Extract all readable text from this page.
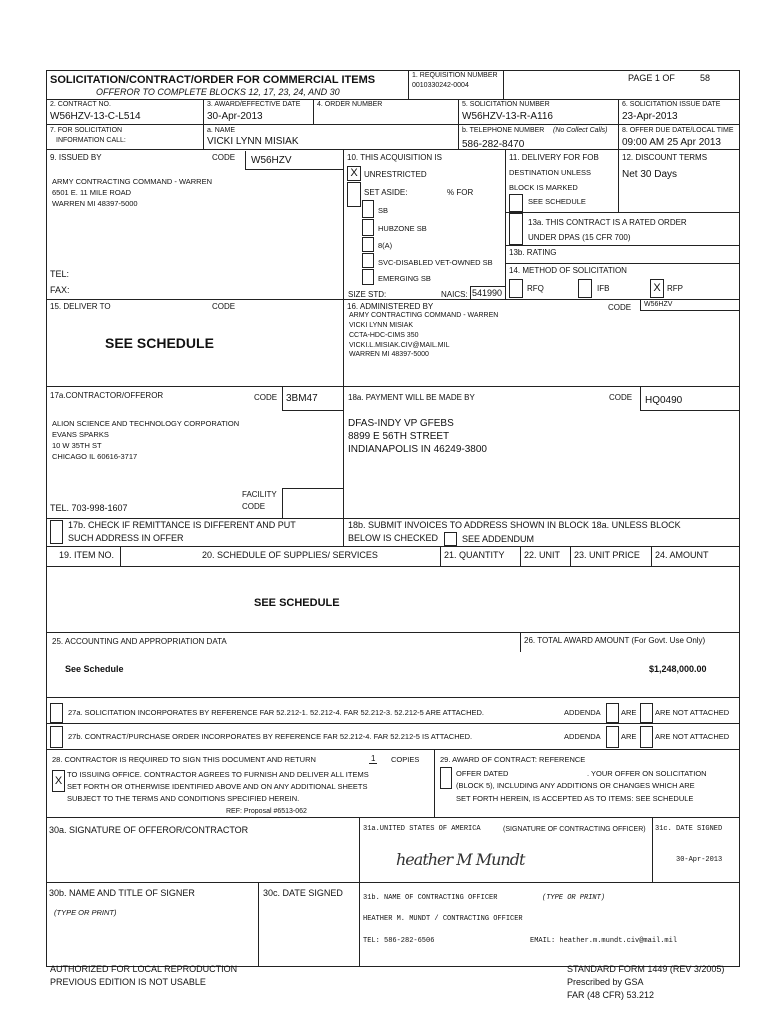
SOLICITATION/CONTRACT/ORDER FOR COMMERCIAL ITEMS
OFFEROR TO COMPLETE BLOCKS 12, 17, 23, 24, AND 30
1. REQUISITION NUMBER
0010330242-0004
PAGE 1 OF	58
2. CONTRACT NO.
W56HZV-13-C-L514
3. AWARD/EFFECTIVE DATE
30-Apr-2013
4. ORDER NUMBER	5. SOLICITATION NUMBER
W56HZV-13-R-A116
6. SOLICITATION ISSUE DATE
23-Apr-2013
7. FOR SOLICITATION
INFORMATION CALL:
a. NAME
VICKI LYNN MISIAK
b. TELEPHONE NUMBER (No Collect Calls)
586-282-8470
8. OFFER DUE DATE/LOCAL TIME
09:00 AM 25 Apr 2013
9. ISSUED BY	CODE W56HZV
ARMY CONTRACTING COMMAND - WARREN
6501 E. 11 MILE ROAD
WARREN MI 48397-5000
TEL:
FAX:
10. THIS ACQUISITION IS
X UNRESTRICTED
SET ASIDE:	% FOR
SB
HUBZONE SB
8(A)
SVC-DISABLED VET-OWNED SB
EMERGING SB
SIZE STD:	NAICS: 541990
11. DELIVERY FOR FOB
DESTINATION UNLESS
BLOCK IS MARKED
SEE SCHEDULE
12. DISCOUNT TERMS
Net 30 Days
13a. THIS CONTRACT IS A RATED ORDER
UNDER DPAS (15 CFR 700)
13b. RATING
14. METHOD OF SOLICITATION
RFQ	IFB	X RFP
15. DELIVER TO	CODE
SEE SCHEDULE
16. ADMINISTERED BY	CODE W56HZV
ARMY CONTRACTING COMMAND - WARREN
VICKI LYNN MISIAK
CCTA-HDC-CIMS 350
VICKI.L.MISIAK.CIV@MAIL.MIL
WARREN MI 48397-5000
17a.CONTRACTOR/OFFEROR	CODE 3BM47
ALION SCIENCE AND TECHNOLOGY CORPORATION
EVANS SPARKS
10 W 35TH ST
CHICAGO IL 60616-3717
TEL. 703-998-1607
FACILITY
CODE
17b. CHECK IF REMITTANCE IS DIFFERENT AND PUT
SUCH ADDRESS IN OFFER
18a. PAYMENT WILL BE MADE BY	CODE HQ0490
DFAS-INDY VP GFEBS
8899 E 56TH STREET
INDIANAPOLIS IN 46249-3800
18b. SUBMIT INVOICES TO ADDRESS SHOWN IN BLOCK 18a. UNLESS BLOCK
BELOW IS CHECKED	SEE ADDENDUM
19. ITEM NO.	20. SCHEDULE OF SUPPLIES/ SERVICES	21. QUANTITY 22. UNIT 23. UNIT PRICE 24. AMOUNT
SEE SCHEDULE
25. ACCOUNTING AND APPROPRIATION DATA
See Schedule
26. TOTAL AWARD AMOUNT (For Govt. Use Only)
$1,248,000.00
27a. SOLICITATION INCORPORATES BY REFERENCE FAR 52.212-1. 52.212-4. FAR 52.212-3. 52.212-5 ARE ATTACHED.	ADDENDA	ARE ARE NOT ATTACHED
27b. CONTRACT/PURCHASE ORDER INCORPORATES BY REFERENCE FAR 52.212-4. FAR 52.212-5 IS ATTACHED.	ADDENDA	ARE ARE NOT ATTACHED
28. CONTRACTOR IS REQUIRED TO SIGN THIS DOCUMENT AND RETURN	1 COPIES
X
TO ISSUING OFFICE. CONTRACTOR AGREES TO FURNISH AND DELIVER ALL ITEMS
SET FORTH OR OTHERWISE IDENTIFIED ABOVE AND ON ANY ADDITIONAL SHEETS
SUBJECT TO THE TERMS AND CONDITIONS SPECIFIED HEREIN.
REF: Proposal #6513-062
29. AWARD OF CONTRACT: REFERENCE
OFFER DATED	. YOUR OFFER ON SOLICITATION
(BLOCK 5), INCLUDING ANY ADDITIONS OR CHANGES WHICH ARE
SET FORTH HEREIN, IS ACCEPTED AS TO ITEMS: SEE SCHEDULE
30a. SIGNATURE OF OFFEROR/CONTRACTOR
30b. NAME AND TITLE OF SIGNER
(TYPE OR PRINT)
30c. DATE SIGNED
31a.UNITED STATES OF AMERICA	(SIGNATURE OF CONTRACTING OFFICER)
heather M Mundt
31c. DATE SIGNED
30-Apr-2013
31b. NAME OF CONTRACTING OFFICER	(TYPE OR PRINT)
HEATHER M. MUNDT / CONTRACTING OFFICER
TEL: 586-282-6506	EMAIL: heather.m.mundt.civ@mail.mil
AUTHORIZED FOR LOCAL REPRODUCTION
PREVIOUS EDITION IS NOT USABLE
STANDARD FORM 1449 (REV 3/2005)
Prescribed by GSA
FAR (48 CFR) 53.212
